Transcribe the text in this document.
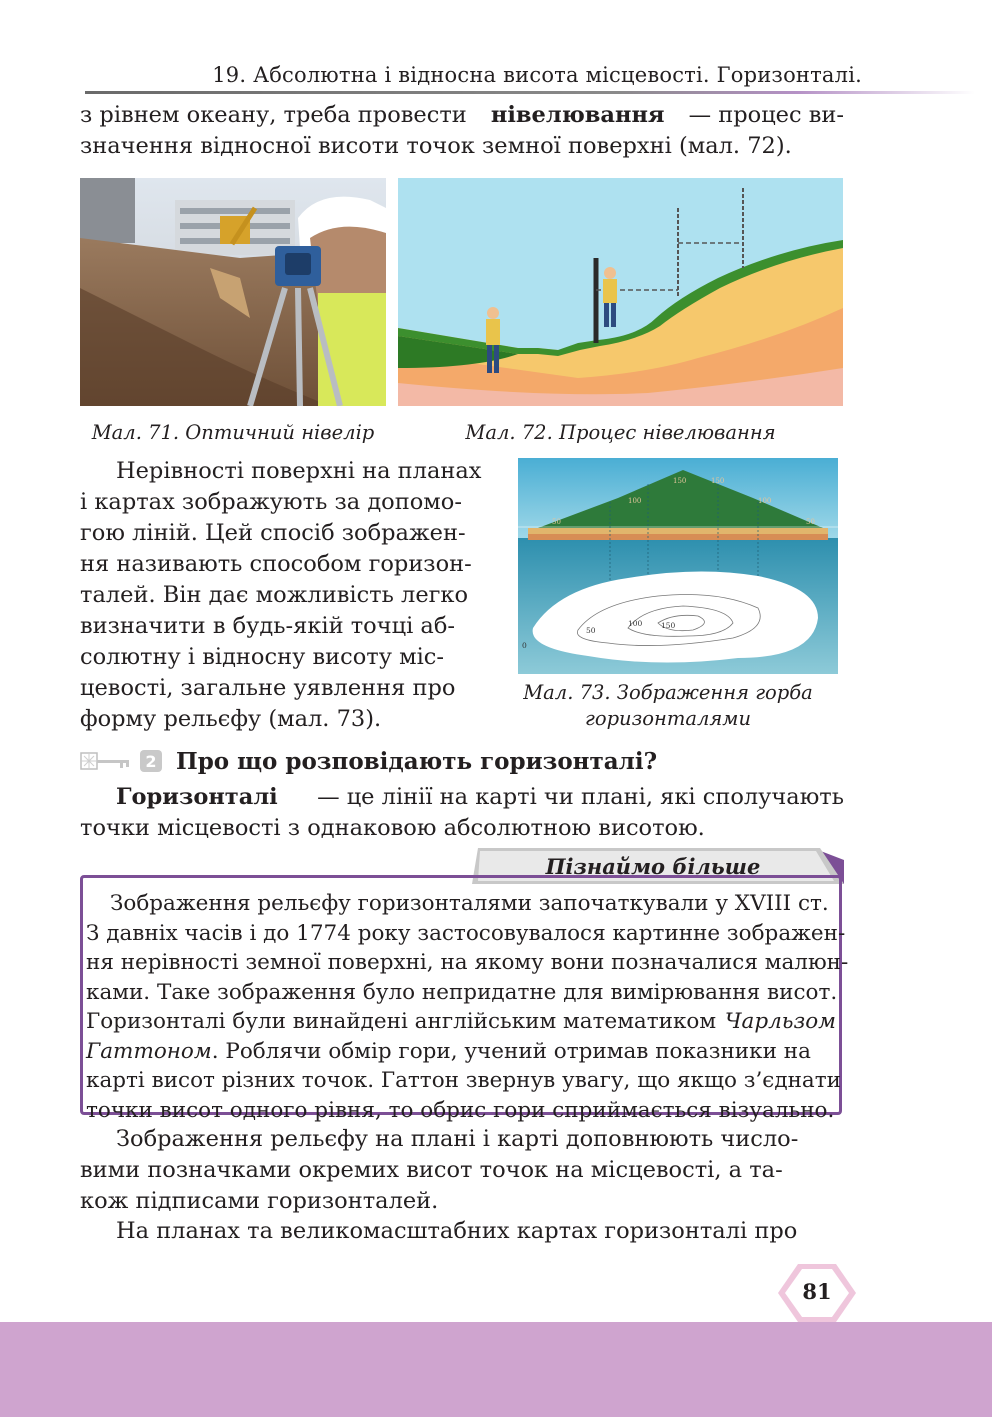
19. Абсолютна і відносна висота місцевості. Горизонталі.
з рівнем океану, треба провести нівелювання — процес ви-
значення відносної висоти точок земної поверхні (мал. 72).
Мал. 71. Оптичний нівелір	Мал. 72. Процес нівелювання
Нерівності поверхні на планах
і картах зображують за допомо-
гою ліній. Цей спосіб зображен-
ня називають способом горизон-
талей. Він дає можливість легко
визначити в будь-якій точці аб-
солютну і відносну висоту міс-
цевості, загальне уявлення про
форму рельєфу (мал. 73).
150	150
100	100
50	50
50
100 150
0
Мал. 73. Зображення горба
горизонталями
2 Про що розповідають горизонталі?
Горизонталі — це лінії на карті чи плані, які сполучають
точки місцевості з однаковою абсолютною висотою.
Пізнаймо більше
Зображення рельєфу горизонталями започаткували у XVIII ст.
З давніх часів і до 1774 року застосовувалося картинне зображен-
ня нерівності земної поверхні, на якому вони позначалися малюн-
ками. Таке зображення було непридатне для вимірювання висот.
Горизонталі були винайдені англійським математиком Чарльзом
Гаттоном. Роблячи обмір гори, учений отримав показники на
карті висот різних точок. Гаттон звернув увагу, що якщо з’єднати
точки висот одного рівня, то обрис гори сприймається візуально.
Зображення рельєфу на плані і карті доповнюють число-
вими позначками окремих висот точок на місцевості, а та-
кож підписами горизонталей.
На планах та великомасштабних картах горизонталі про
81
